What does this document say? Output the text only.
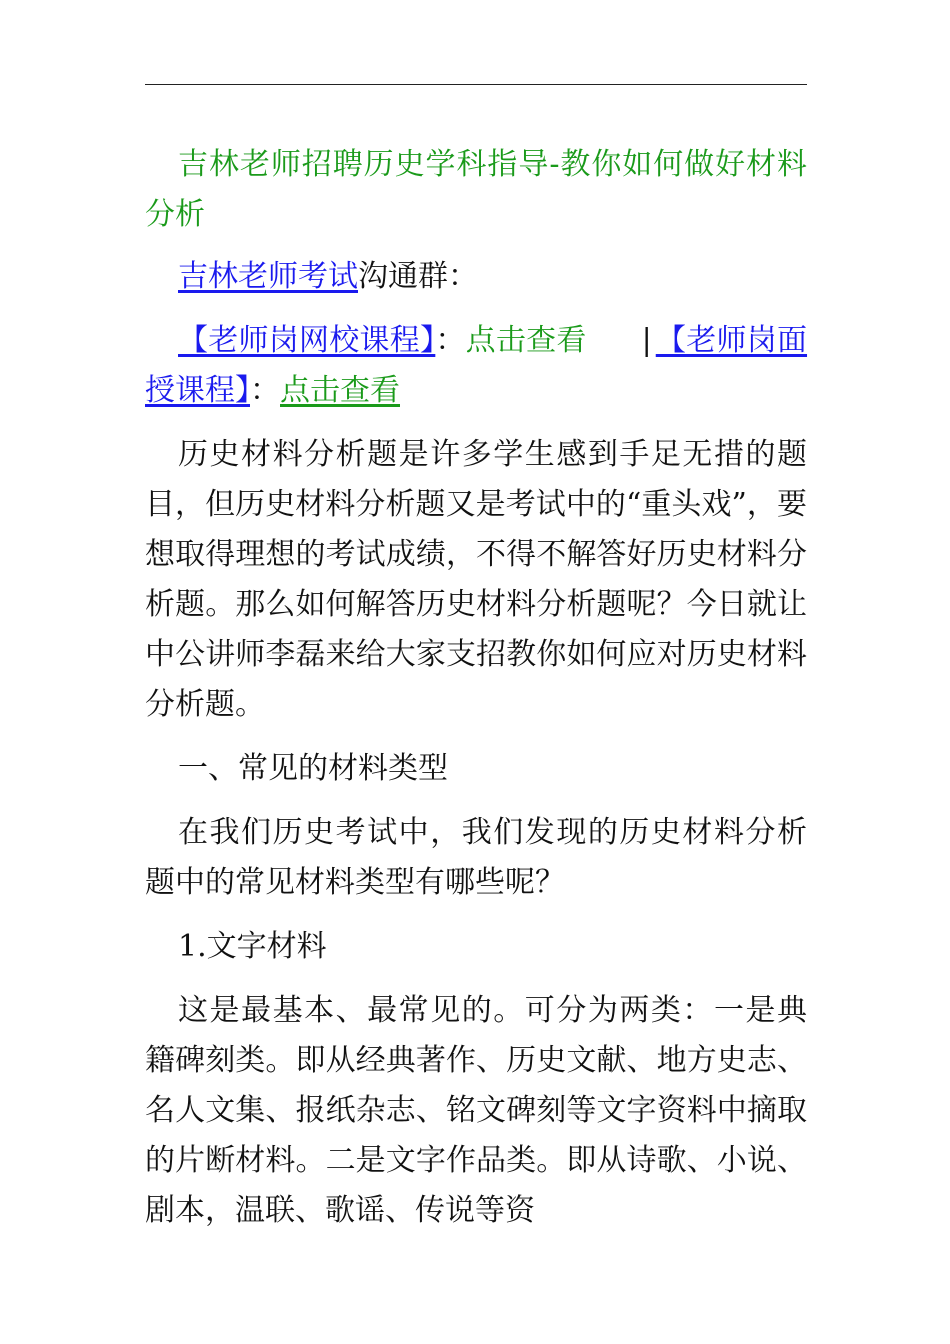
吉林老师招聘历史学科指导-教你如何做好材料分析

吉林老师考试沟通群：

【老师岗网校课程】：点击查看 | 【老师岗面授课程】：点击查看

历史材料分析题是许多学生感到手足无措的题目，但历史材料分析题又是考试中的“重头戏”，要想取得理想的考试成绩，不得不解答好历史材料分析题。那么如何解答历史材料分析题呢？今日就让中公讲师李磊来给大家支招教你如何应对历史材料分析题。

一、常见的材料类型

在我们历史考试中，我们发现的历史材料分析题中的常见材料类型有哪些呢？

1.文字材料

这是最基本、最常见的。可分为两类：一是典籍碑刻类。即从经典著作、历史文献、地方史志、名人文集、报纸杂志、铭文碑刻等文字资料中摘取的片断材料。二是文字作品类。即从诗歌、小说、剧本，温联、歌谣、传说等资
